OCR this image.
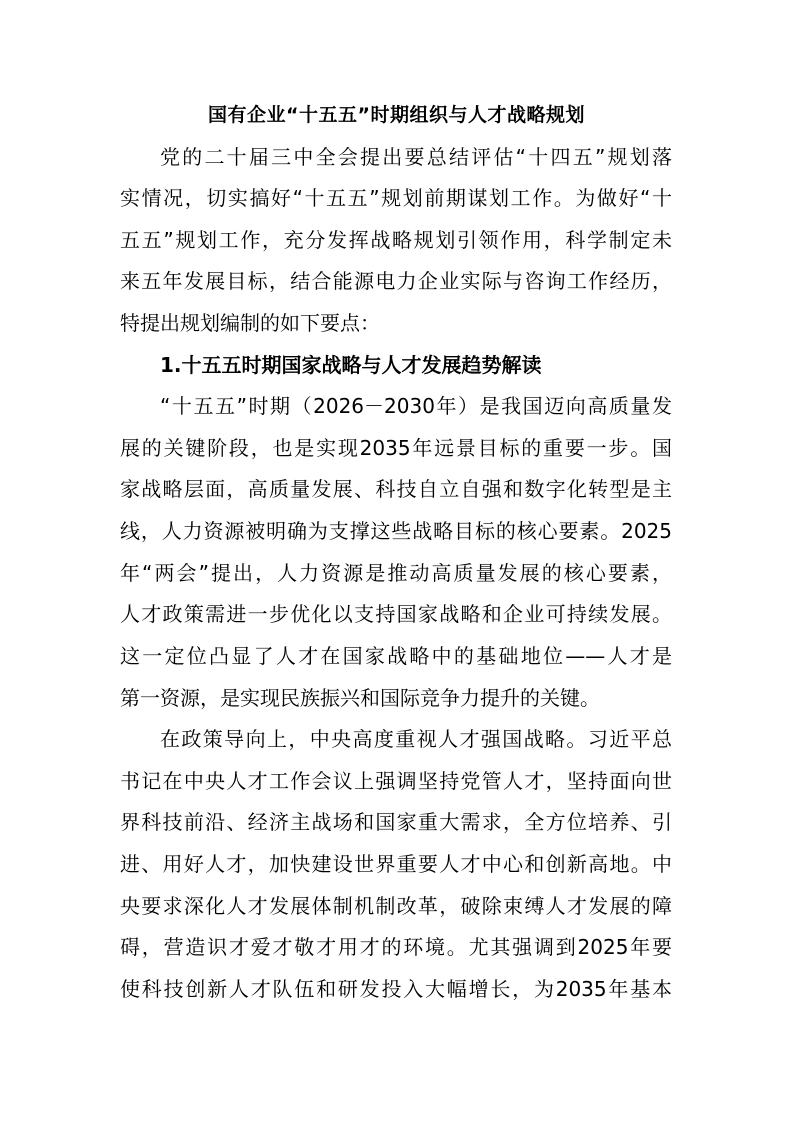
国有企业“十五五”时期组织与人才战略规划
党的二十届三中全会提出要总结评估“十四五”规划落
实情况，切实搞好“十五五”规划前期谋划工作。为做好“十
五五”规划工作，充分发挥战略规划引领作用，科学制定未
来五年发展目标，结合能源电力企业实际与咨询工作经历，
特提出规划编制的如下要点：
1.十五五时期国家战略与人才发展趋势解读
“十五五”时期（2026－2030年）是我国迈向高质量发
展的关键阶段，也是实现2035年远景目标的重要一步。国
家战略层面，高质量发展、科技自立自强和数字化转型是主
线，人力资源被明确为支撑这些战略目标的核心要素。2025
年“两会”提出，人力资源是推动高质量发展的核心要素，
人才政策需进一步优化以支持国家战略和企业可持续发展。
这一定位凸显了人才在国家战略中的基础地位——人才是
第一资源，是实现民族振兴和国际竞争力提升的关键。
在政策导向上，中央高度重视人才强国战略。习近平总
书记在中央人才工作会议上强调坚持党管人才，坚持面向世
界科技前沿、经济主战场和国家重大需求，全方位培养、引
进、用好人才，加快建设世界重要人才中心和创新高地。中
央要求深化人才发展体制机制改革，破除束缚人才发展的障
碍，营造识才爱才敬才用才的环境。尤其强调到2025年要
使科技创新人才队伍和研发投入大幅增长，为2035年基本
